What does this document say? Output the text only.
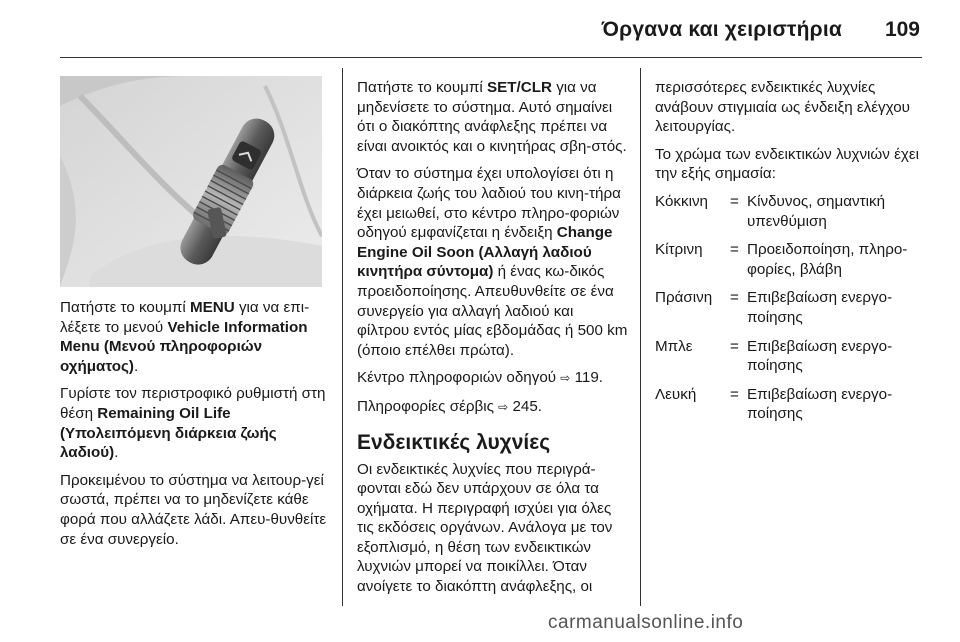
Όργανα και χειριστήρια 109

Πατήστε το κουμπί MENU για να επι-λέξετε το μενού Vehicle Information Menu (Μενού πληροφοριών οχήματος).

Γυρίστε τον περιστροφικό ρυθμιστή στη θέση Remaining Oil Life (Υπολειπόμενη διάρκεια ζωής λαδιού).

Προκειμένου το σύστημα να λειτουρ-γεί σωστά, πρέπει να το μηδενίζετε κάθε φορά που αλλάζετε λάδι. Απευ-θυνθείτε σε ένα συνεργείο.

Πατήστε το κουμπί SET/CLR για να μηδενίσετε το σύστημα. Αυτό σημαίνει ότι ο διακόπτης ανάφλεξης πρέπει να είναι ανοικτός και ο κινητήρας σβη-στός.

Όταν το σύστημα έχει υπολογίσει ότι η διάρκεια ζωής του λαδιού του κινη-τήρα έχει μειωθεί, στο κέντρο πληρο-φοριών οδηγού εμφανίζεται η ένδειξη Change Engine Oil Soon (Αλλαγή λαδιού κινητήρα σύντομα) ή ένας κω-δικός προειδοποίησης. Απευθυνθείτε σε ένα συνεργείο για αλλαγή λαδιού και φίλτρου εντός μίας εβδομάδας ή 500 km (όποιο επέλθει πρώτα).

Κέντρο πληροφοριών οδηγού ⇨ 119.

Πληροφορίες σέρβις ⇨ 245.

Ενδεικτικές λυχνίες

Οι ενδεικτικές λυχνίες που περιγρά-φονται εδώ δεν υπάρχουν σε όλα τα οχήματα. Η περιγραφή ισχύει για όλες τις εκδόσεις οργάνων. Ανάλογα με τον εξοπλισμό, η θέση των ενδεικτικών λυχνιών μπορεί να ποικίλλει. Όταν ανοίγετε το διακόπτη ανάφλεξης, οι

περισσότερες ενδεικτικές λυχνίες ανάβουν στιγμιαία ως ένδειξη ελέγχου λειτουργίας.

Το χρώμα των ενδεικτικών λυχνιών έχει την εξής σημασία:

Κόκκινη	=	Κίνδυνος, σημαντική υπενθύμιση
Κίτρινη	=	Προειδοποίηση, πληρο-φορίες, βλάβη
Πράσινη	=	Επιβεβαίωση ενεργο-ποίησης
Μπλε	=	Επιβεβαίωση ενεργο-ποίησης
Λευκή	=	Επιβεβαίωση ενεργο-ποίησης
carmanualsonline.info
